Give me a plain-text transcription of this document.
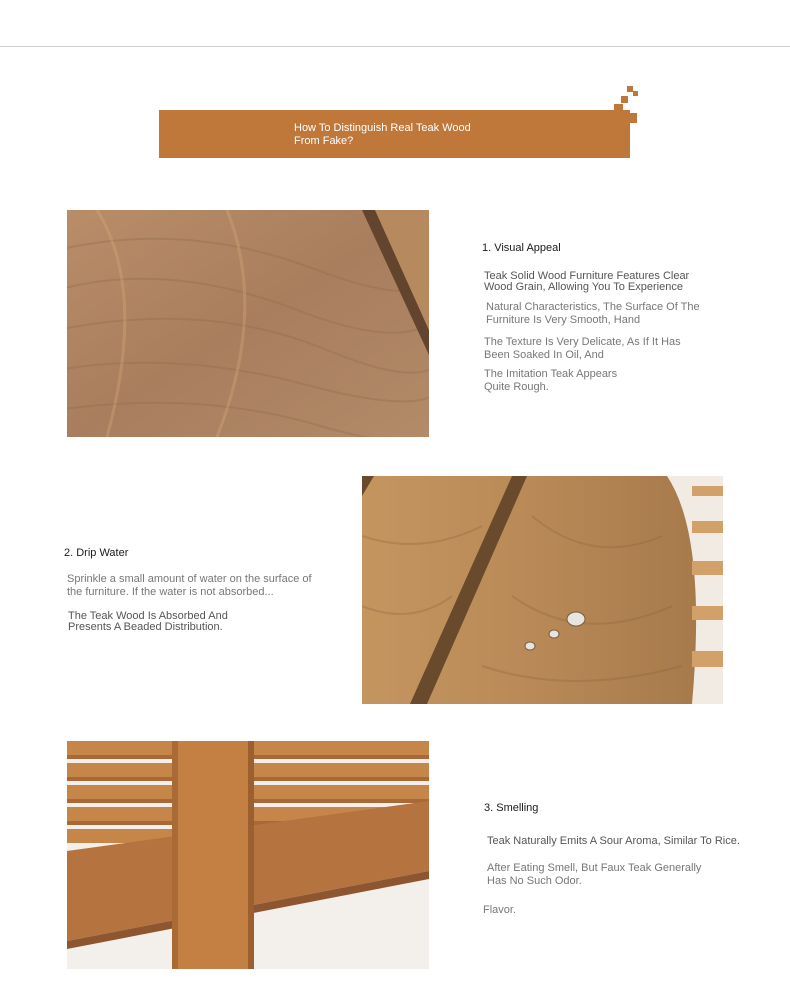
How To Distinguish Real Teak Wood
From Fake?
1. Visual Appeal
Teak Solid Wood Furniture Features Clear
Wood Grain, Allowing You To Experience
Natural Characteristics, The Surface Of The
Furniture Is Very Smooth, Hand
The Texture Is Very Delicate, As If It Has
Been Soaked In Oil, And
The Imitation Teak Appears
Quite Rough.
2. Drip Water
Sprinkle a small amount of water on the surface of
the furniture. If the water is not absorbed...
The Teak Wood Is Absorbed And
Presents A Beaded Distribution.
3. Smelling
Teak Naturally Emits A Sour Aroma, Similar To Rice.
After Eating Smell, But Faux Teak Generally
Has No Such Odor.
Flavor.
